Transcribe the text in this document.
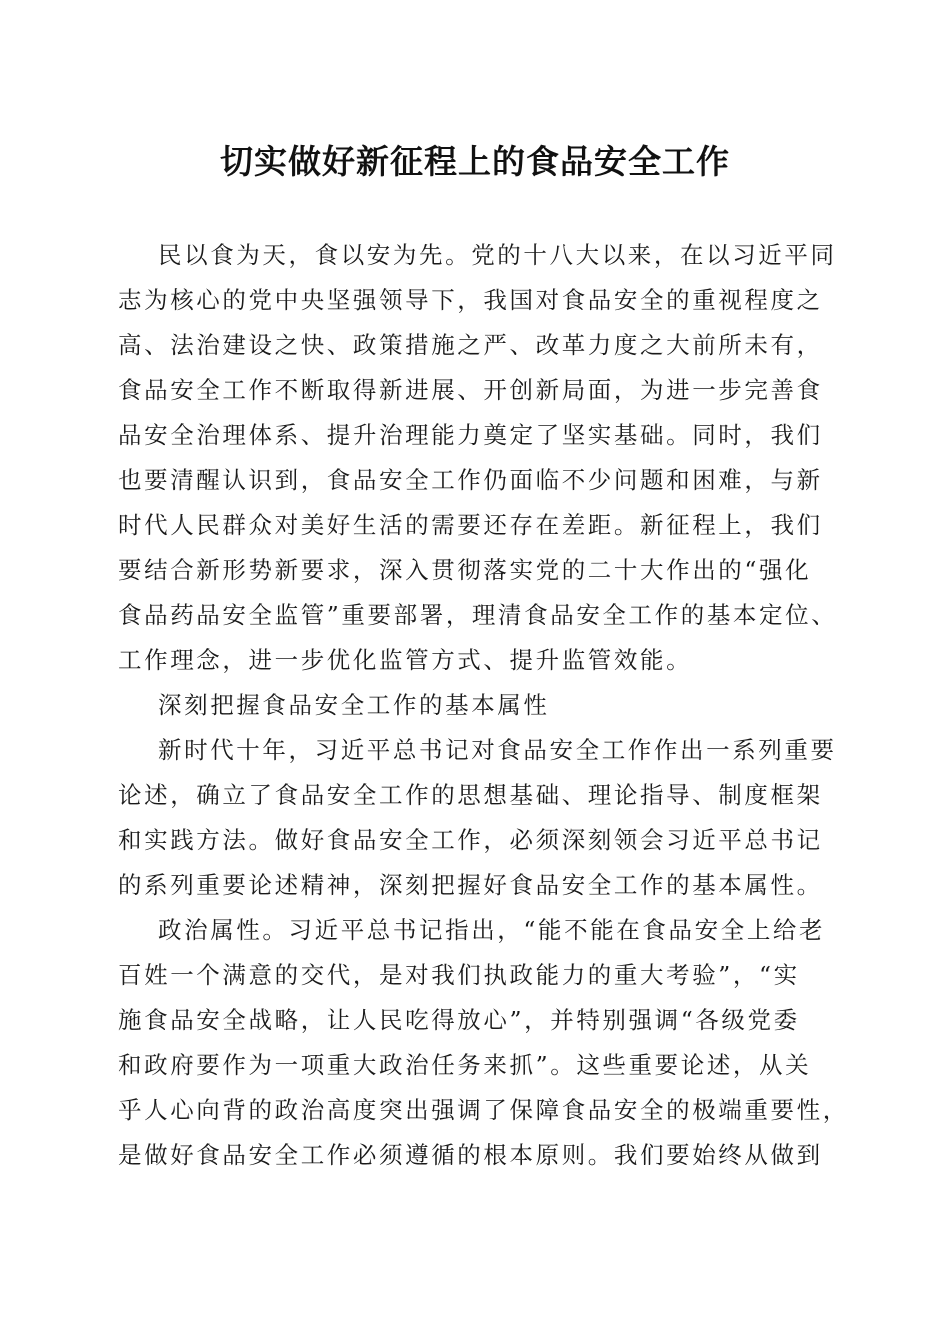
切实做好新征程上的食品安全工作
民以食为天，食以安为先。党的十八大以来，在以习近平同
志为核心的党中央坚强领导下，我国对食品安全的重视程度之
高、法治建设之快、政策措施之严、改革力度之大前所未有，
食品安全工作不断取得新进展、开创新局面，为进一步完善食
品安全治理体系、提升治理能力奠定了坚实基础。同时，我们
也要清醒认识到，食品安全工作仍面临不少问题和困难，与新
时代人民群众对美好生活的需要还存在差距。新征程上，我们
要结合新形势新要求，深入贯彻落实党的二十大作出的“强化
食品药品安全监管”重要部署，理清食品安全工作的基本定位、
工作理念，进一步优化监管方式、提升监管效能。
深刻把握食品安全工作的基本属性
新时代十年，习近平总书记对食品安全工作作出一系列重要
论述，确立了食品安全工作的思想基础、理论指导、制度框架
和实践方法。做好食品安全工作，必须深刻领会习近平总书记
的系列重要论述精神，深刻把握好食品安全工作的基本属性。
政治属性。习近平总书记指出，“能不能在食品安全上给老
百姓一个满意的交代，是对我们执政能力的重大考验”，“实
施食品安全战略，让人民吃得放心”，并特别强调“各级党委
和政府要作为一项重大政治任务来抓”。这些重要论述，从关
乎人心向背的政治高度突出强调了保障食品安全的极端重要性，
是做好食品安全工作必须遵循的根本原则。我们要始终从做到
